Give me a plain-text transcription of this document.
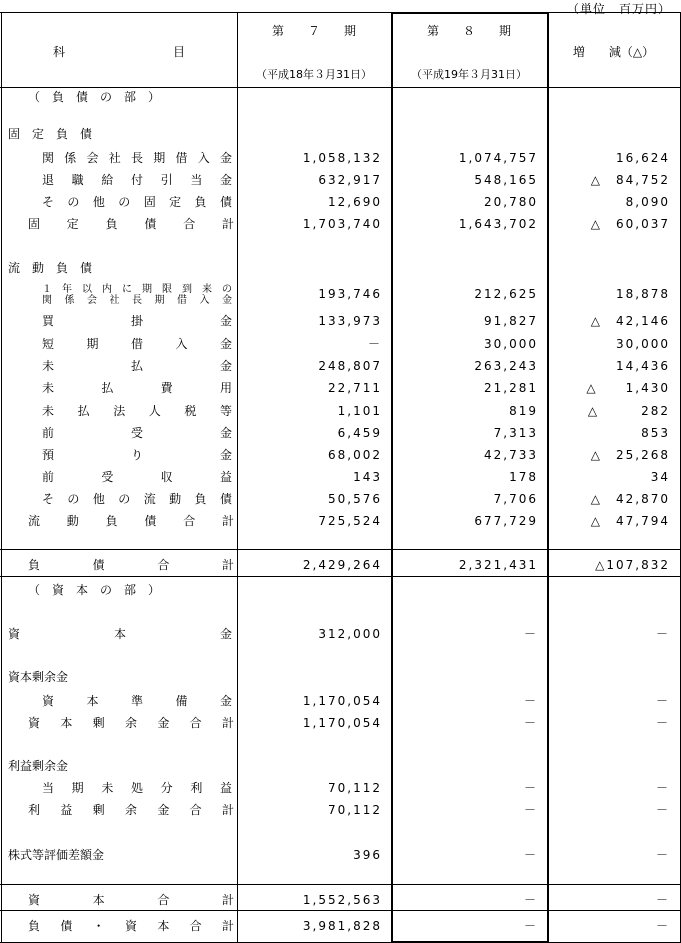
（単位　百万円）
科　　　　　　　　　目
第　　７　　期
（平成18年３月31日）
第　　８　　期
（平成19年３月31日）
増　　減（△）
（　負　債　の　部　）
固　定　負　債
関係会社長期借入金	1,058,132	1,074,757	16,624
退職給付引当金	632,917	548,165	△　84,752
その他の固定負債	12,690	20,780	8,090
固定負債合計	1,703,740	1,643,702	△　60,037
流　動　負　債
１年以内に期限到来の
関係会社長期借入金	193,746	212,625	18,878
買　　　掛　　　金	133,973	91,827	△　42,146
短　期　借　入　金	－	30,000	30,000
未　　　払　　　金	248,807	263,243	14,436
未　払　費　用	22,711	21,281	△　　1,430
未払法人税等	1,101	819	△　　　282
前　　　受　　　金	6,459	7,313	853
預　　　り　　　金	68,002	42,733	△　25,268
前　受　収　益	143	178	34
その他の流動負債	50,576	7,706	△　42,870
流動負債合計	725,524	677,729	△　47,794
負　債　合　計	2,429,264	2,321,431	△107,832
（　資　本　の　部　）
資　　本　　金	312,000	－	－
資本剰余金
資本準備金	1,170,054	－	－
資本剰余金合計	1,170,054	－	－
利益剰余金
当期未処分利益	70,112	－	－
利益剰余金合計	70,112	－	－
株式等評価差額金	396	－	－
資　本　合　計	1,552,563	－	－
負債・資本合計	3,981,828	－	－
